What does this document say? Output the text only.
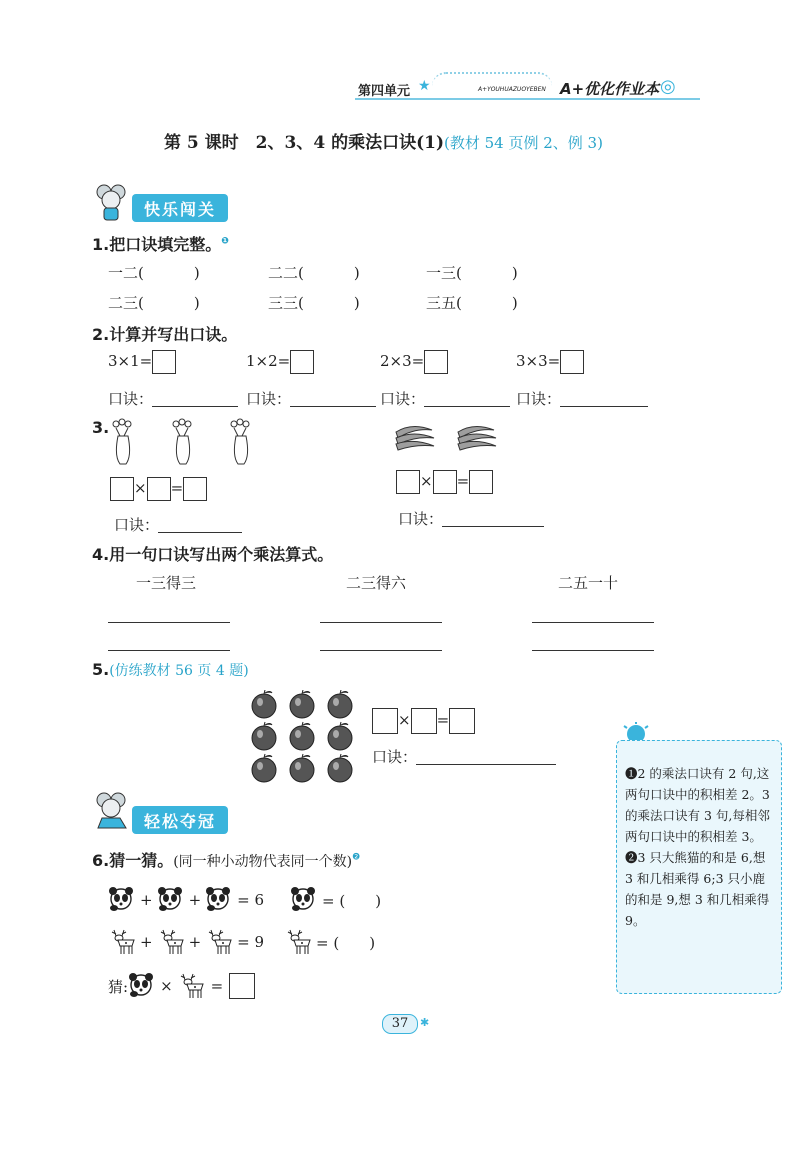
第四单元 ★	A+YOUHUAZUOYEBEN A+优化作业本 ◎
第 5 课时　2、3、4 的乘法口诀(1)(教材 54 页例 2、例 3)
快乐闯关
1.把口诀填完整。$^❶$
一二(	)	二二(	)	一三(	)
二三(	)	三三(	)	三五(	)
2.计算并写出口诀。
3×1=	1×2=	2×3=	3×3=
口诀：	口诀：	口诀：	口诀：
3.
× =
口诀：
× =
口诀：
4.用一句口诀写出两个乘法算式。
一三得三	二三得六	二五一十
5.(仿练教材 56 页 4 题)
× =
口诀：
❶2 的乘法口诀有 2 句,这两句口诀中的积相差 2。3 的乘法口诀有 3 句,每相邻两句口诀中的积相差 3。
❷3 只大熊猫的和是 6,想 3 和几相乘得 6;3 只小鹿的和是 9,想 3 和几相乘得 9。
轻松夺冠
6.猜一猜。(同一种小动物代表同一个数)$^❷$
+ + = 6	= (　　)
+ + = 9	= (　　)
猜: ×	=
37	✱
